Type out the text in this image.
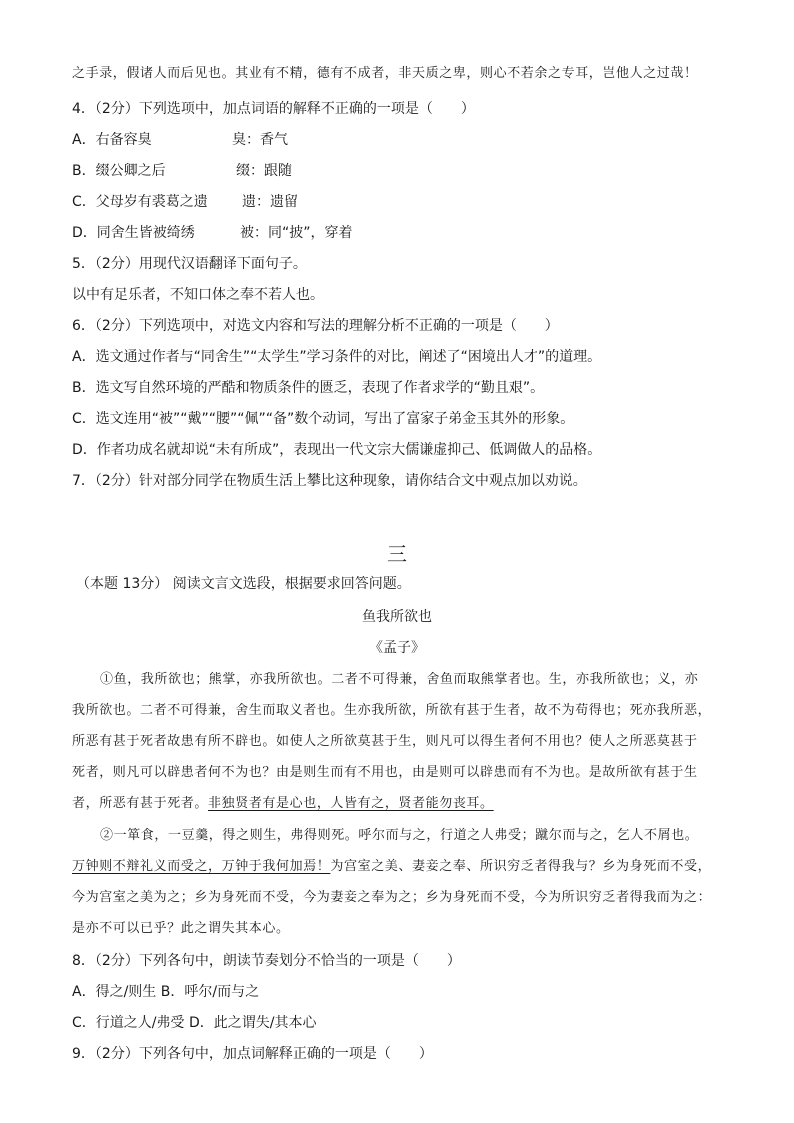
之手录，假诸人而后见也。其业有不精，德有不成者，非天质之卑，则心不若余之专耳，岂他人之过哉！
4．（2分）下列选项中，加点词语的解释不正确的一项是（　　）
A．右备容臭	臭：香气
B．缀公卿之后	缀：跟随
C．父母岁有裘葛之遗 遗：遗留
D．同舍生皆被绮绣	被：同“披”，穿着
5．（2分）用现代汉语翻译下面句子。
以中有足乐者，不知口体之奉不若人也。
6．（2分）下列选项中，对选文内容和写法的理解分析不正确的一项是（　　）
A．选文通过作者与“同舍生”“太学生”学习条件的对比，阐述了“困境出人才”的道理。
B．选文写自然环境的严酷和物质条件的匮乏，表现了作者求学的“勤且艰”。
C．选文连用“被”“戴”“腰”“佩”“备”数个动词，写出了富家子弟金玉其外的形象。
D．作者功成名就却说“未有所成”，表现出一代文宗大儒谦虚抑己、低调做人的品格。
7．（2分）针对部分同学在物质生活上攀比这种现象，请你结合文中观点加以劝说。
三
（本题 13分） 阅读文言文选段，根据要求回答问题。
鱼我所欲也
《孟子》
①鱼，我所欲也；熊掌，亦我所欲也。二者不可得兼，舍鱼而取熊掌者也。生，亦我所欲也；义，亦
我所欲也。二者不可得兼，舍生而取义者也。生亦我所欲，所欲有甚于生者，故不为苟得也；死亦我所恶，
所恶有甚于死者故患有所不辟也。如使人之所欲莫甚于生，则凡可以得生者何不用也？使人之所恶莫甚于
死者，则凡可以辟患者何不为也？由是则生而有不用也，由是则可以辟患而有不为也。是故所欲有甚于生
者，所恶有甚于死者。非独贤者有是心也，人皆有之，贤者能勿丧耳。
②一箪食，一豆羹，得之则生，弗得则死。呼尔而与之，行道之人弗受；蹴尔而与之，乞人不屑也。
万钟则不辩礼义而受之，万钟于我何加焉！为宫室之美、妻妾之奉、所识穷乏者得我与？乡为身死而不受，
今为宫室之美为之；乡为身死而不受，今为妻妾之奉为之；乡为身死而不受，今为所识穷乏者得我而为之：
是亦不可以已乎？此之谓失其本心。
8．（2分）下列各句中，朗读节奏划分不恰当的一项是（　　）
A．得之/则生 B．呼尔/而与之
C．行道之人/弗受 D．此之谓失/其本心
9．（2分）下列各句中，加点词解释正确的一项是（　　）
